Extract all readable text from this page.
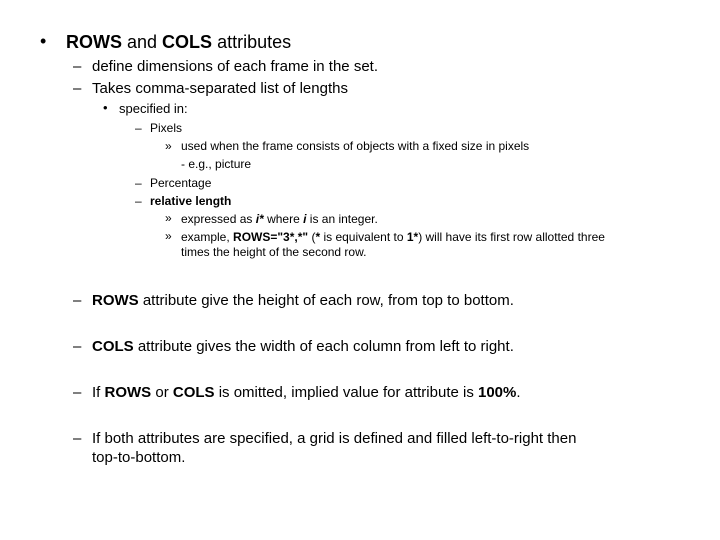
• ROWS and COLS attributes
– define dimensions of each frame in the set.
– Takes comma-separated list of lengths
• specified in:
– Pixels
» used when the frame consists of objects with a fixed size in pixels
- e.g., picture
– Percentage
– relative length
» expressed as i* where i is an integer.
» example, ROWS="3*,*" (* is equivalent to 1*) will have its first row allotted three
times the height of the second row.
– ROWS attribute give the height of each row, from top to bottom.
– COLS attribute gives the width of each column from left to right.
– If ROWS or COLS is omitted, implied value for attribute is 100%.
– If both attributes are specified, a grid is defined and filled left-to-right then
top-to-bottom.
